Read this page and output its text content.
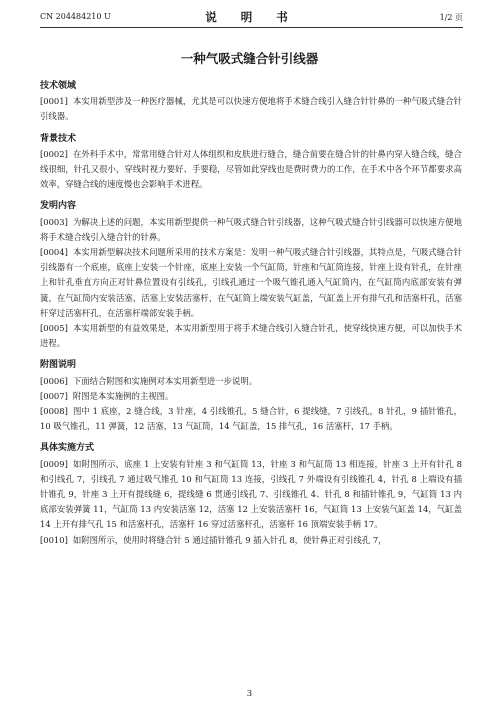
CN 204484210 U	说 明 书	1/2 页
一种气吸式缝合针引线器
技术领域

[0001] 本实用新型涉及一种医疗器械，尤其是可以快速方便地将手术缝合线引入缝合针针鼻的一种气吸式缝合针引线器。

背景技术

[0002] 在外科手术中，常常用缝合针对人体组织和皮肤进行缝合，缝合前要在缝合针的针鼻内穿入缝合线，缝合线很细，针孔又很小，穿线时视力要好、手要稳，尽管如此穿线也是费时费力的工作，在手术中各个环节都要求高效率，穿缝合线的速度慢也会影响手术进程。

发明内容

[0003] 为解决上述的问题，本实用新型提供一种气吸式缝合针引线器，这种气吸式缝合针引线器可以快速方便地将手术缝合线引入缝合针的针鼻。

[0004] 本实用新型解决技术问题所采用的技术方案是：发明一种气吸式缝合针引线器，其特点是，气吸式缝合针引线器有一个底座，底座上安装一个针座，底座上安装一个气缸筒，针座和气缸筒连接，针座上设有针孔，在针座上和针孔垂直方向正对针鼻位置设有引线孔，引线孔通过一个吸气锥孔通入气缸筒内，在气缸筒内底部安装有弹簧，在气缸筒内安装活塞，活塞上安装活塞杆，在气缸筒上端安装气缸盖，气缸盖上开有排气孔和活塞杆孔，活塞杆穿过活塞杆孔，在活塞杆端部安装手柄。

[0005] 本实用新型的有益效果是，本实用新型用于将手术缝合线引入缝合针孔，使穿线快速方便，可以加快手术进程。

附图说明

[0006] 下面结合附图和实施例对本实用新型进一步说明。

[0007] 附图是本实施例的主视图。

[0008] 图中 1 底座，2 缝合线，3 针座，4 引线锥孔，5 缝合针，6 提线缝，7 引线孔，8 针孔，9 插针锥孔，10 吸气锥孔，11 弹簧，12 活塞，13 气缸筒，14 气缸盖，15 排气孔，16 活塞杆，17 手柄。

具体实施方式

[0009] 如附图所示，底座 1 上安装有针座 3 和气缸筒 13，针座 3 和气缸筒 13 相连接，针座 3 上开有针孔 8 和引线孔 7，引线孔 7 通过吸气锥孔 10 和气缸筒 13 连接，引线孔 7 外端设有引线锥孔 4，针孔 8 上端设有插针锥孔 9，针座 3 上开有提线缝 6，提线缝 6 贯通引线孔 7、引线锥孔 4、针孔 8 和插针锥孔 9，气缸筒 13 内底部安装弹簧 11，气缸筒 13 内安装活塞 12，活塞 12 上安装活塞杆 16，气缸筒 13 上安装气缸盖 14，气缸盖 14 上开有排气孔 15 和活塞杆孔，活塞杆 16 穿过活塞杆孔，活塞杆 16 顶端安装手柄 17。

[0010] 如附图所示，使用时将缝合针 5 通过插针锥孔 9 插入针孔 8，使针鼻正对引线孔 7，

3
